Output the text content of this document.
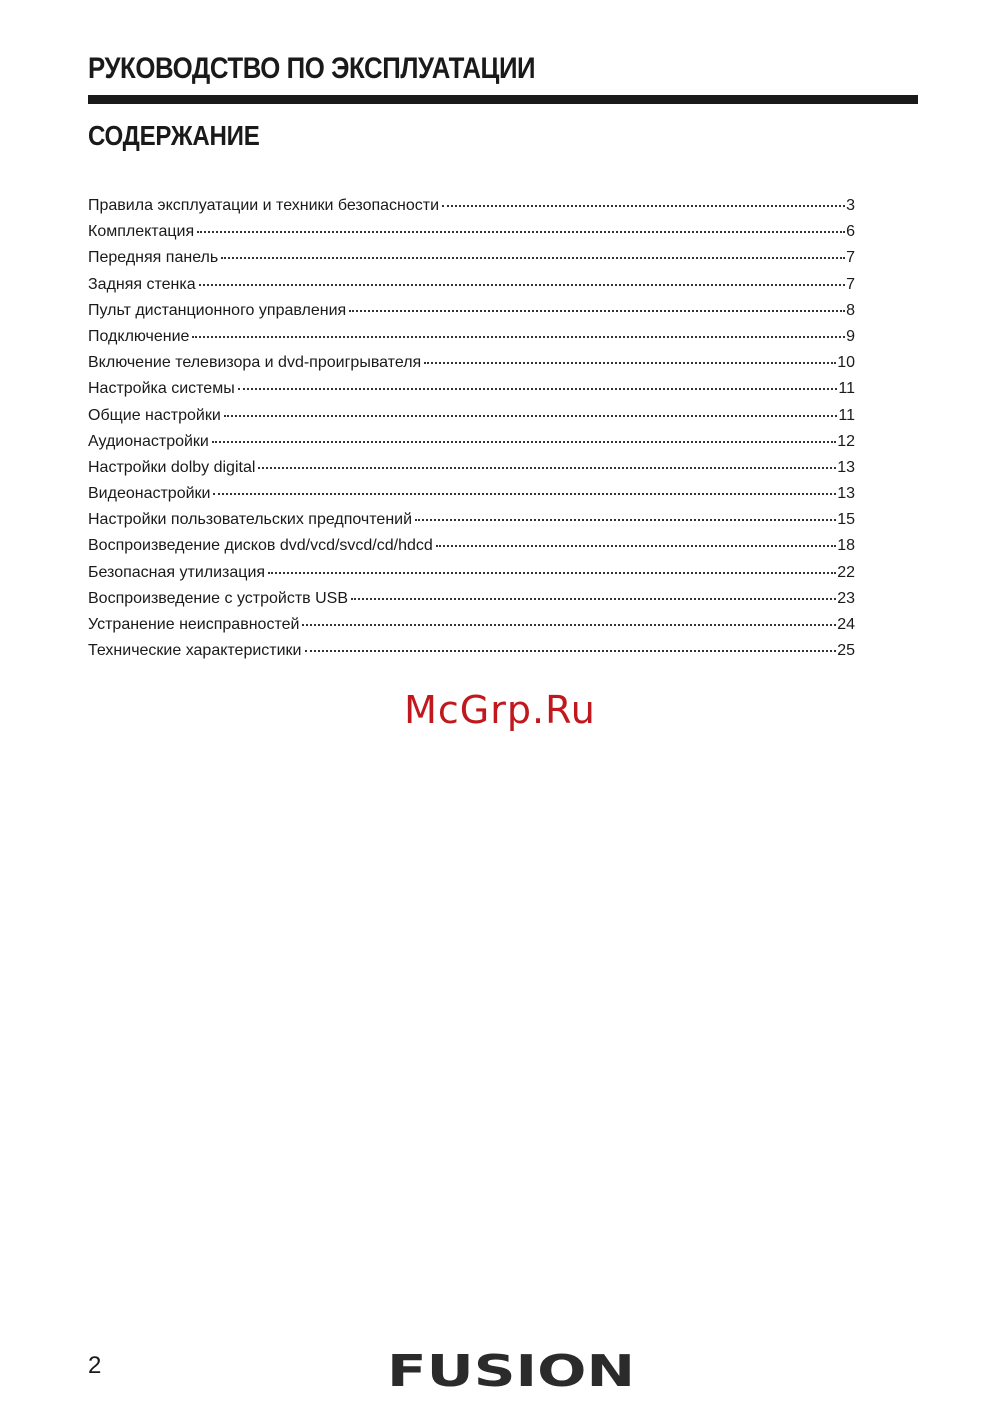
РУКОВОДСТВО ПО ЭКСПЛУАТАЦИИ
СОДЕРЖАНИЕ
Правила эксплуатации и техники безопасности	3
Комплектация	6
Передняя панель	7
Задняя стенка	7
Пульт дистанционного управления	8
Подключение	9
Включение телевизора и dvd-проигрывателя	10
Настройка системы	11
Общие настройки	11
Аудионастройки	12
Настройки dolby digital	13
Видеонастройки	13
Настройки пользовательских предпочтений	15
Воспроизведение дисков dvd/vcd/svcd/cd/hdcd	18
Безопасная утилизация	22
Воспроизведение с устройств USB	23
Устранение неисправностей	24
Технические характеристики	25
McGrp.Ru
2	FUSION
